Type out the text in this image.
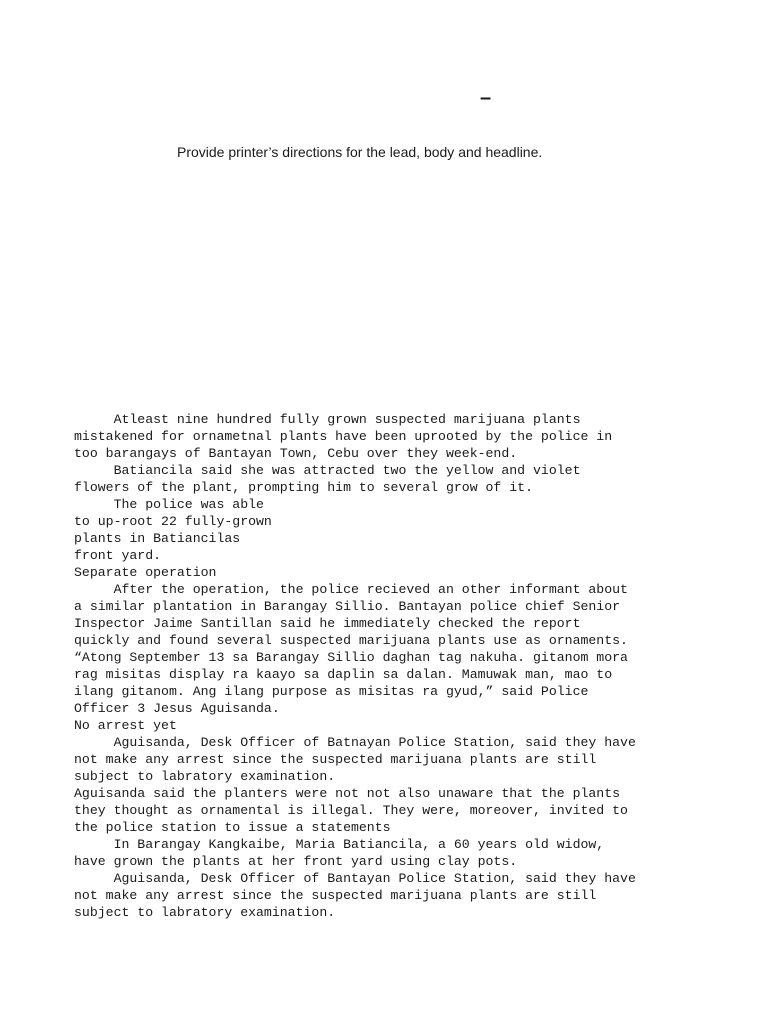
–

Provide printer’s directions for the lead, body and headline.

Atleast nine hundred fully grown suspected marijuana plants
mistakened for ornametnal plants have been uprooted by the police in
too barangays of Bantayan Town, Cebu over they week-end.
Batiancila said she was attracted two the yellow and violet
flowers of the plant, prompting him to several grow of it.
The police was able
to up-root 22 fully-grown
plants in Batiancilas
front yard.
Separate operation
After the operation, the police recieved an other informant about
a similar plantation in Barangay Sillio. Bantayan police chief Senior
Inspector Jaime Santillan said he immediately checked the report
quickly and found several suspected marijuana plants use as ornaments.
“Atong September 13 sa Barangay Sillio daghan tag nakuha. gitanom mora
rag misitas display ra kaayo sa daplin sa dalan. Mamuwak man, mao to
ilang gitanom. Ang ilang purpose as misitas ra gyud,” said Police
Officer 3 Jesus Aguisanda.
No arrest yet
Aguisanda, Desk Officer of Batnayan Police Station, said they have
not make any arrest since the suspected marijuana plants are still
subject to labratory examination.
Aguisanda said the planters were not not also unaware that the plants
they thought as ornamental is illegal. They were, moreover, invited to
the police station to issue a statements
In Barangay Kangkaibe, Maria Batiancila, a 60 years old widow,
have grown the plants at her front yard using clay pots.
Aguisanda, Desk Officer of Bantayan Police Station, said they have
not make any arrest since the suspected marijuana plants are still
subject to labratory examination.
